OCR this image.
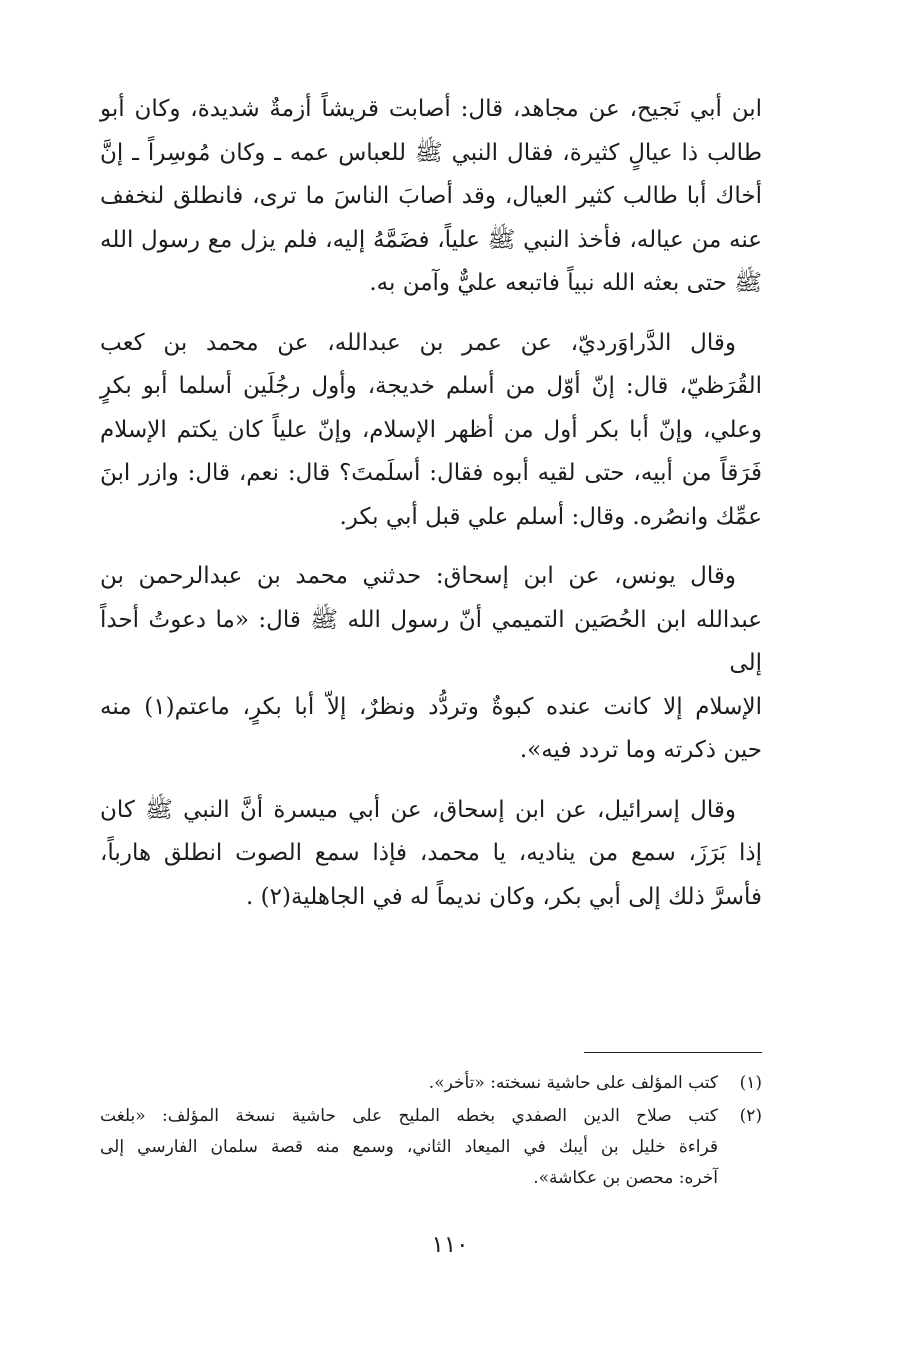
ابن أبي نَجيح، عن مجاهد، قال: أصابت قريشاً أزمةٌ شديدة، وكان أبو
طالب ذا عيالٍ كثيرة، فقال النبي ﷺ للعباس عمه ـ وكان مُوسِراً ـ إنَّ
أخاك أبا طالب كثير العيال، وقد أصابَ الناسَ ما ترى، فانطلق لنخفف
عنه من عياله، فأخذ النبي ﷺ علياً، فضَمَّهُ إليه، فلم يزل مع رسول الله
ﷺ حتى بعثه الله نبياً فاتبعه عليٌّ وآمن به.

وقال الدَّراوَرديّ، عن عمر بن عبدالله، عن محمد بن كعب
القُرَظيّ، قال: إنّ أوّل من أسلم خديجة، وأول رجُلَين أسلما أبو بكرٍ
وعلي، وإنّ أبا بكر أول من أظهر الإسلام، وإنّ علياً كان يكتم الإسلام
فَرَقاً من أبيه، حتى لقيه أبوه فقال: أسلَمتَ؟ قال: نعم، قال: وازر ابنَ
عمِّك وانصُره. وقال: أسلم علي قبل أبي بكر.

وقال يونس، عن ابن إسحاق: حدثني محمد بن عبدالرحمن بن
عبدالله ابن الحُصَين التميمي أنّ رسول الله ﷺ قال: «ما دعوتُ أحداً إلى
الإسلام إلا كانت عنده كبوةٌ وتردُّد ونظرٌ، إلاّ أبا بكرٍ، ماعتم(١) منه
حين ذكرته وما تردد فيه».

وقال إسرائيل، عن ابن إسحاق، عن أبي ميسرة أنَّ النبي ﷺ كان
إذا بَرَزَ، سمع من يناديه، يا محمد، فإذا سمع الصوت انطلق هارباً،
فأسرَّ ذلك إلى أبي بكر، وكان نديماً له في الجاهلية(٢) .

(١)
كتب المؤلف على حاشية نسخته: «تأخر».
(٢)
كتب صلاح الدين الصفدي بخطه المليح على حاشية نسخة المؤلف: «بلغت
قراءة خليل بن أيبك في الميعاد الثاني، وسمع منه قصة سلمان الفارسي إلى
آخره: محصن بن عكاشة».
١١٠
